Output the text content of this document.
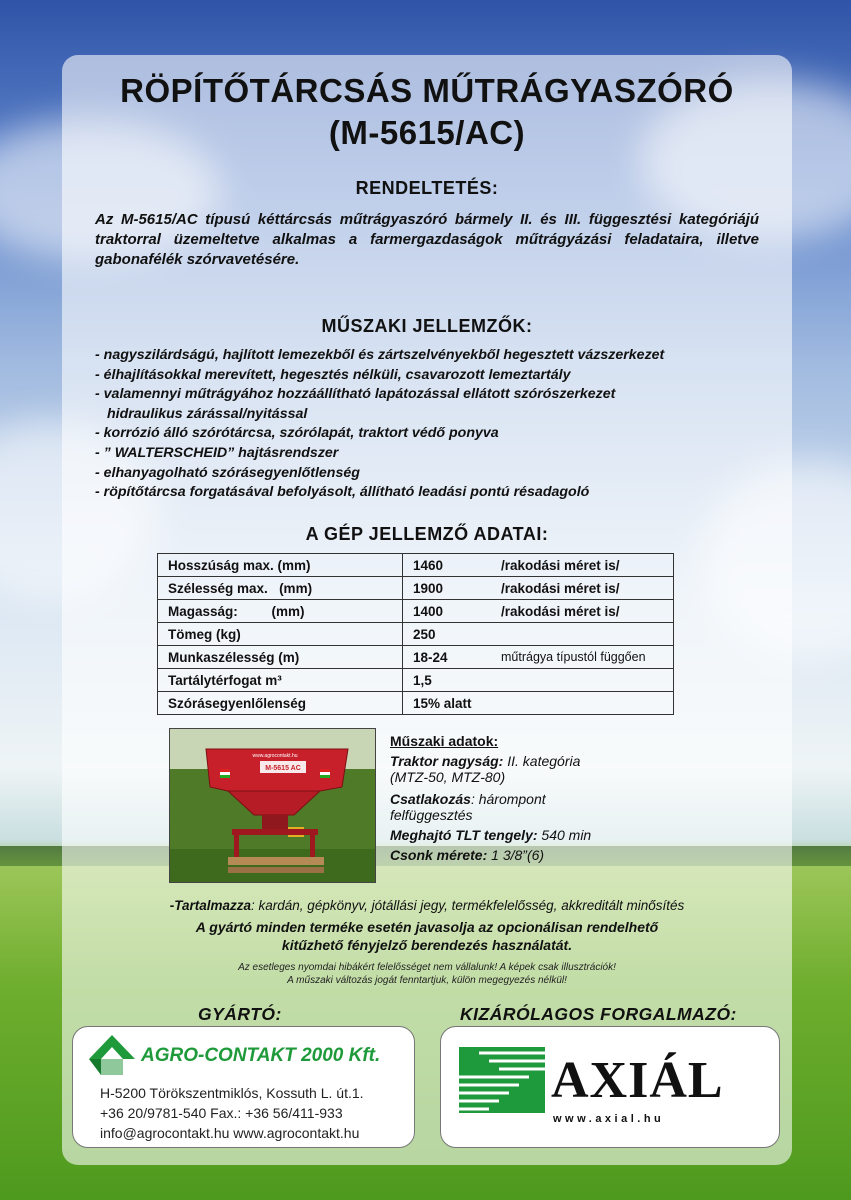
RÖPÍTŐTÁRCSÁS MŰTRÁGYASZÓRÓ
(M-5615/AC)
RENDELTETÉS:

Az M-5615/AC típusú kéttárcsás műtrágyaszóró bármely II. és III. függesztési kategóriájú traktorral üzemeltetve alkalmas a farmergazdaságok műtrágyázási feladataira, illetve gabonafélék szórvavetésére.

MŰSZAKI JELLEMZŐK:
- nagyszilárdságú, hajlított lemezekből és zártszelvényekből hegesztett vázszerkezet
- élhajlításokkal merevített, hegesztés nélküli, csavarozott lemeztartály
- valamennyi műtrágyához hozzáállítható lapátozással ellátott szórószerkezet
hidraulikus zárással/nyitással
- korrózió álló szórótárcsa, szórólapát, traktort védő ponyva
- ” WALTERSCHEID” hajtásrendszer
- elhanyagolható szórásegyenlőtlenség
- röpítőtárcsa forgatásával befolyásolt, állítható leadási pontú résadagoló
A GÉP JELLEMZŐ ADATAI:
Hosszúság max. (mm)	1460 /rakodási méret is/

Szélesség max.   (mm)	1900 /rakodási méret is/

Magasság:         (mm)	1400 /rakodási méret is/

Tömeg (kg)	250

Munkaszélesség (m)	18-24 műtrágya típustól függően

Tartálytérfogat m³	1,5

Szórásegyenlőlenség	15% alatt
M-5615 AC
www.agrocontakt.hu
Műszaki adatok:
Traktor nagyság: II. kategória
(MTZ-50, MTZ-80)
Csatlakozás: hárompont
felfüggesztés
Meghajtó TLT tengely: 540 min
Csonk mérete: 1 3/8”(6)
-Tartalmazza: kardán, gépkönyv, jótállási jegy, termékfelelősség, akkreditált minősítés
A gyártó minden terméke esetén javasolja az opcionálisan rendelhető
kitűzhető fényjelző berendezés használatát.
Az esetleges nyomdai hibákért felelősséget nem vállalunk! A képek csak illusztrációk!
A műszaki változás jogát fenntartjuk, külön megegyezés nélkül!
GYÁRTÓ:	KIZÁRÓLAGOS FORGALMAZÓ:
AGRO-CONTAKT 2000 Kft.
H-5200 Törökszentmiklós, Kossuth L. út.1.
+36 20/9781-540 Fax.: +36 56/411-933
info@agrocontakt.hu www.agrocontakt.hu
AXIÁL
www.axial.hu
